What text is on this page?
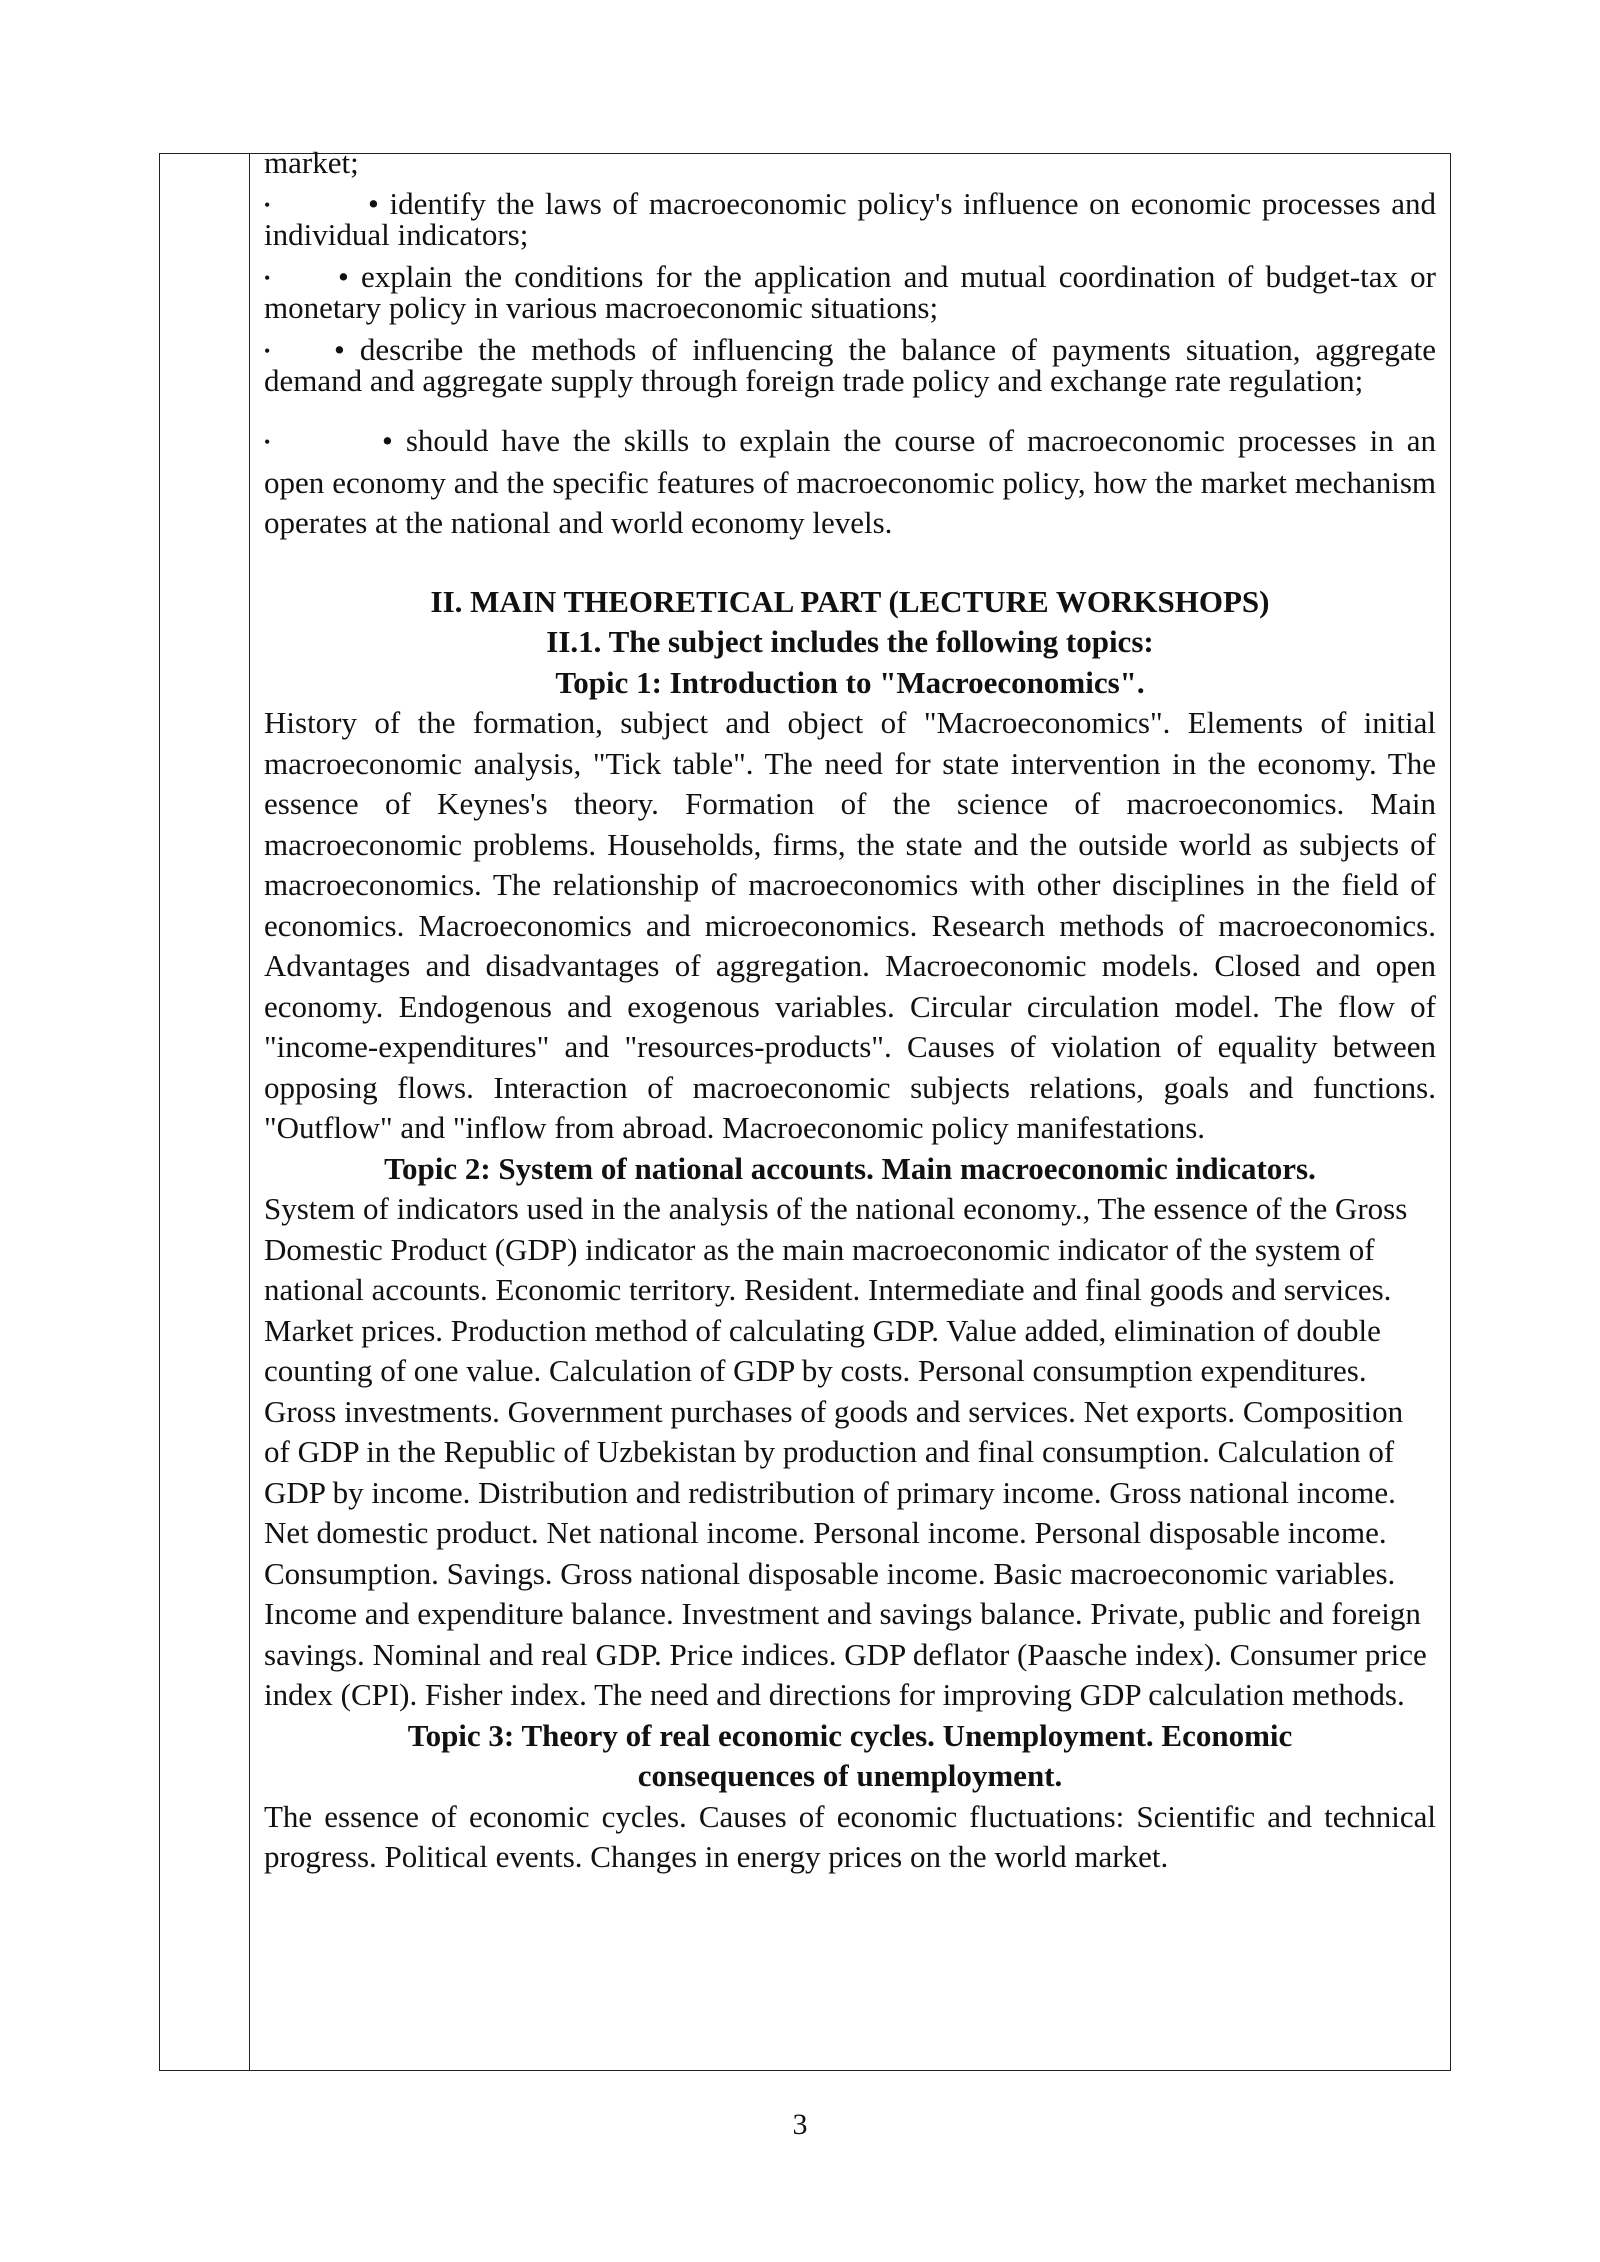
market;

•	• identify the laws of macroeconomic policy's influence on economic processes and individual indicators;

• • explain the conditions for the application and mutual coordination of budget-tax or monetary policy in various macroeconomic situations;

• • describe the methods of influencing the balance of payments situation, aggregate demand and aggregate supply through foreign trade policy and exchange rate regulation;

•	• should have the skills to explain the course of macroeconomic processes in an open economy and the specific features of macroeconomic policy, how the market mechanism operates at the national and world economy levels.

II. MAIN THEORETICAL PART (LECTURE WORKSHOPS)

II.1. The subject includes the following topics:

Topic 1: Introduction to "Macroeconomics".

History of the formation, subject and object of "Macroeconomics". Elements of initial macroeconomic analysis, "Tick table". The need for state intervention in the economy. The essence of Keynes's theory. Formation of the science of macroeconomics. Main macroeconomic problems. Households, firms, the state and the outside world as subjects of macroeconomics. The relationship of macroeconomics with other disciplines in the field of economics. Macroeconomics and microeconomics. Research methods of macroeconomics. Advantages and disadvantages of aggregation. Macroeconomic models. Closed and open economy. Endogenous and exogenous variables. Circular circulation model. The flow of "income-expenditures" and "resources-products". Causes of violation of equality between opposing flows. Interaction of macroeconomic subjects relations, goals and functions. "Outflow" and "inflow from abroad. Macroeconomic policy manifestations.

Topic 2: System of national accounts. Main macroeconomic indicators.

System of indicators used in the analysis of the national economy., The essence of the Gross Domestic Product (GDP) indicator as the main macroeconomic indicator of the system of national accounts. Economic territory. Resident. Intermediate and final goods and services. Market prices. Production method of calculating GDP. Value added, elimination of double counting of one value. Calculation of GDP by costs. Personal consumption expenditures. Gross investments. Government purchases of goods and services. Net exports. Composition of GDP in the Republic of Uzbekistan by production and final consumption. Calculation of GDP by income. Distribution and redistribution of primary income. Gross national income. Net domestic product. Net national income. Personal income. Personal disposable income. Consumption. Savings. Gross national disposable income. Basic macroeconomic variables. Income and expenditure balance. Investment and savings balance. Private, public and foreign savings. Nominal and real GDP. Price indices. GDP deflator (Paasche index). Consumer price index (CPI). Fisher index. The need and directions for improving GDP calculation methods.

Topic 3: Theory of real economic cycles. Unemployment. Economic consequences of unemployment.

The essence of economic cycles. Causes of economic fluctuations: Scientific and technical progress. Political events. Changes in energy prices on the world market.

3
